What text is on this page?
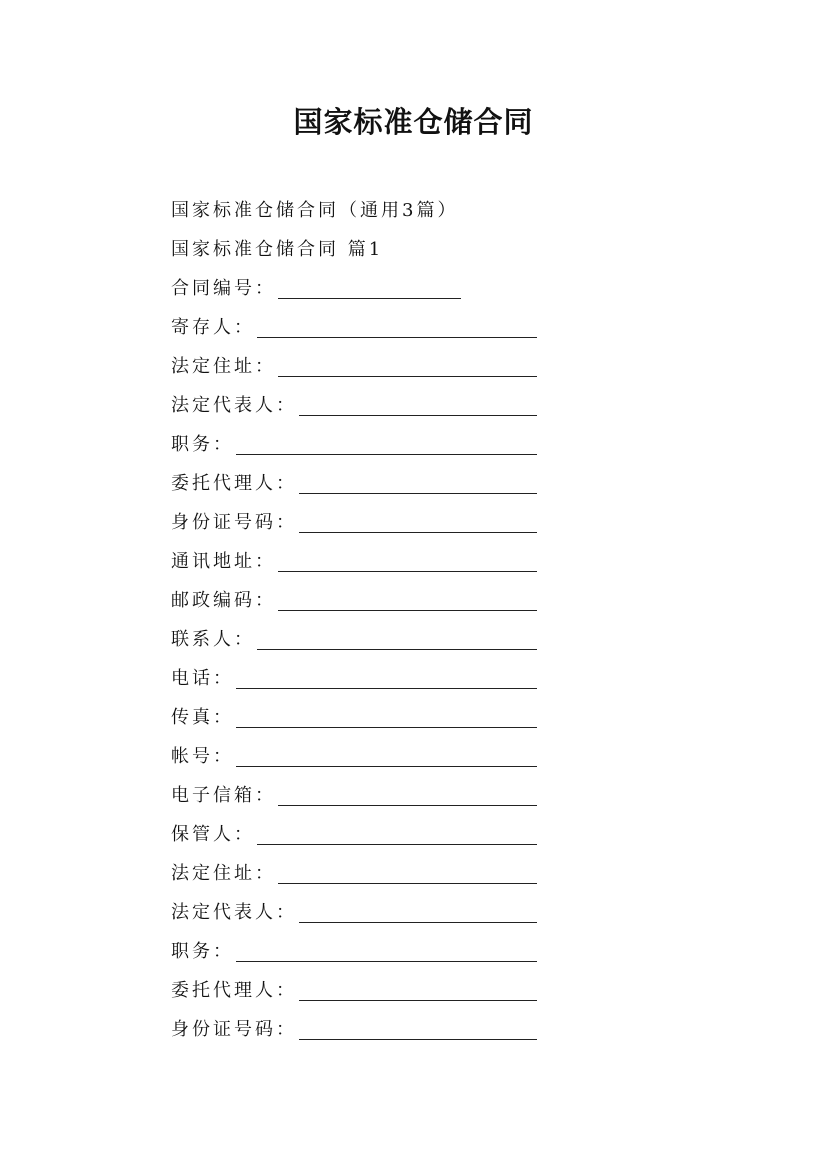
国家标准仓储合同
国家标准仓储合同（通用3篇）
国家标准仓储合同 篇1
合同编号：
寄存人：
法定住址：
法定代表人：
职务：
委托代理人：
身份证号码：
通讯地址：
邮政编码：
联系人：
电话：
传真：
帐号：
电子信箱：
保管人：
法定住址：
法定代表人：
职务：
委托代理人：
身份证号码：
